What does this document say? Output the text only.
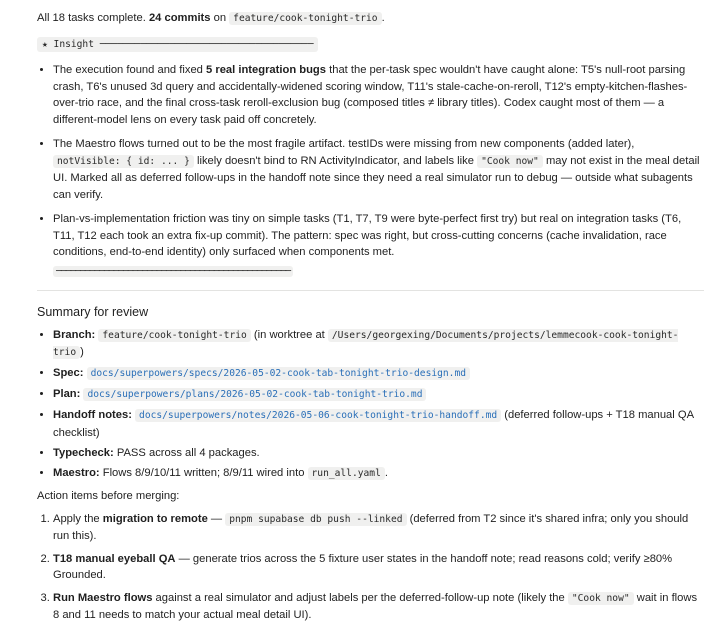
All 18 tasks complete. 24 commits on feature/cook-tonight-trio .

★ Insight ─────────────────────────────────────
• The execution found and fixed 5 real integration bugs that the per-task spec wouldn't have caught alone: T5's null-root parsing crash, T6's unused 3d query and accidentally-widened scoring window, T11's stale-cache-on-reroll, T12's empty-kitchen-flashes-over-trio race, and the final cross-task reroll-exclusion bug (composed titles ≠ library titles). Codex caught most of them — a different-model lens on every task paid off concretely.
• The Maestro flows turned out to be the most fragile artifact. testIDs were missing from new components (added later), notVisible: { id: ... } likely doesn't bind to RN ActivityIndicator, and labels like "Cook now" may not exist in the meal detail UI. Marked all as deferred follow-ups in the handoff note since they need a real simulator run to debug — outside what subagents can verify.
• Plan-vs-implementation friction was tiny on simple tasks (T1, T7, T9 were byte-perfect first try) but real on integration tasks (T6, T11, T12 each took an extra fix-up commit). The pattern: spec was right, but cross-cutting concerns (cache invalidation, race conditions, end-to-end identity) only surfaced when components met.
─────────────────────────────────────────────────
Summary for review
• Branch: feature/cook-tonight-trio (in worktree at /Users/georgexing/Documents/projects/lemmecook-cook-tonight-trio )
• Spec: docs/superpowers/specs/2026-05-02-cook-tab-tonight-trio-design.md
• Plan: docs/superpowers/plans/2026-05-02-cook-tab-tonight-trio.md
• Handoff notes: docs/superpowers/notes/2026-05-06-cook-tonight-trio-handoff.md (deferred follow-ups + T18 manual QA checklist)
• Typecheck: PASS across all 4 packages.
• Maestro: Flows 8/9/10/11 written; 8/9/11 wired into run_all.yaml .

Action items before merging:

1. Apply the migration to remote — pnpm supabase db push --linked (deferred from T2 since it's shared infra; only you should run this).
2. T18 manual eyeball QA — generate trios across the 5 fixture user states in the handoff note; read reasons cold; verify ≥80% Grounded.
3. Run Maestro flows against a real simulator and adjust labels per the deferred-follow-up note (likely the "Cook now" wait in flows 8 and 11 needs to match your actual meal detail UI).
